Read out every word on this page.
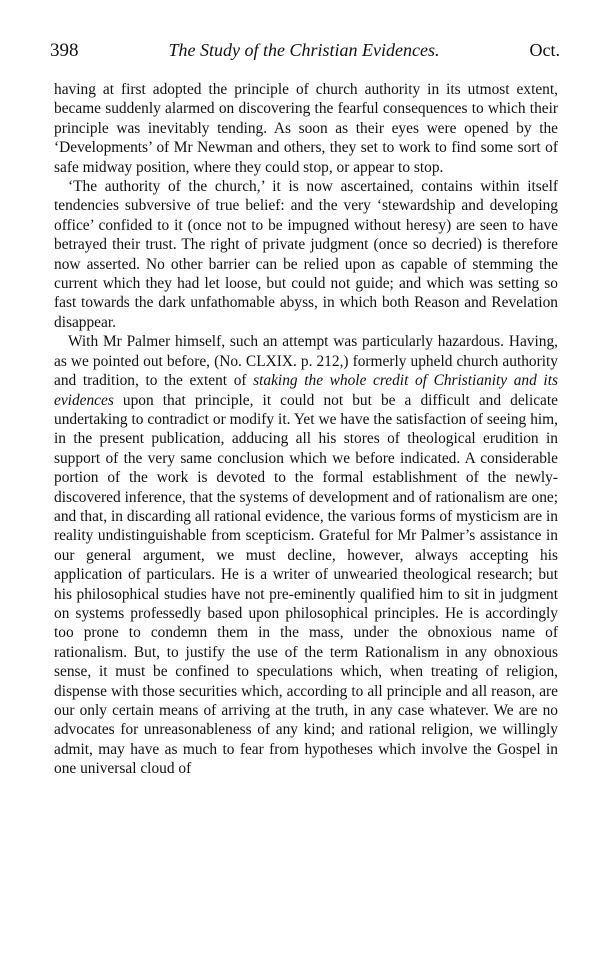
398	The Study of the Christian Evidences.	Oct.

having at first adopted the principle of church authority in its utmost extent, became suddenly alarmed on discovering the fearful consequences to which their principle was inevitably tending. As soon as their eyes were opened by the ‘Developments’ of Mr Newman and others, they set to work to find some sort of safe midway position, where they could stop, or appear to stop.

‘The authority of the church,’ it is now ascertained, contains within itself tendencies subversive of true belief: and the very ‘stewardship and developing office’ confided to it (once not to be impugned without heresy) are seen to have betrayed their trust. The right of private judgment (once so decried) is therefore now asserted. No other barrier can be relied upon as capable of stemming the current which they had let loose, but could not guide; and which was setting so fast towards the dark unfathomable abyss, in which both Reason and Revelation disappear.

With Mr Palmer himself, such an attempt was particularly hazardous. Having, as we pointed out before, (No. CLXIX. p. 212,) formerly upheld church authority and tradition, to the extent of staking the whole credit of Christianity and its evidences upon that principle, it could not but be a difficult and delicate undertaking to contradict or modify it. Yet we have the satisfaction of seeing him, in the present publication, adducing all his stores of theological erudition in support of the very same conclusion which we before indicated. A considerable portion of the work is devoted to the formal establishment of the newly-discovered inference, that the systems of development and of rationalism are one; and that, in discarding all rational evidence, the various forms of mysticism are in reality undistinguishable from scepticism. Grateful for Mr Palmer’s assistance in our general argument, we must decline, however, always accepting his application of particulars. He is a writer of unwearied theological research; but his philosophical studies have not pre-eminently qualified him to sit in judgment on systems professedly based upon philosophical principles. He is accordingly too prone to condemn them in the mass, under the obnoxious name of rationalism. But, to justify the use of the term Rationalism in any obnoxious sense, it must be confined to speculations which, when treating of religion, dispense with those securities which, according to all principle and all reason, are our only certain means of arriving at the truth, in any case whatever. We are no advocates for unreasonableness of any kind; and rational religion, we willingly admit, may have as much to fear from hypotheses which involve the Gospel in one universal cloud of
